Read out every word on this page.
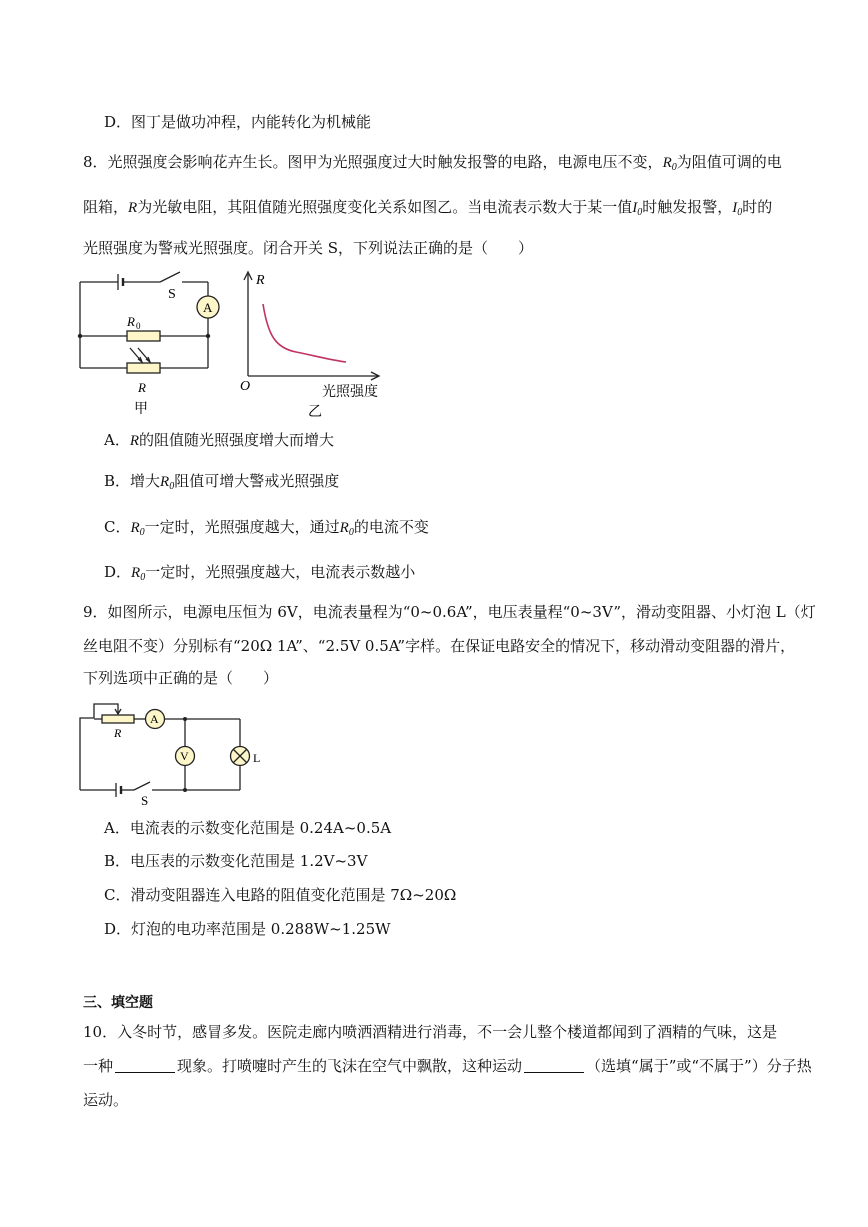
D．图丁是做功冲程，内能转化为机械能
8．光照强度会影响花卉生长。图甲为光照强度过大时触发报警的电路，电源电压不变，$R_0$为阻值可调的电
阻箱，R为光敏电阻，其阻值随光照强度变化关系如图乙。当电流表示数大于某一值$I_0$时触发报警，$I_0$时的
光照强度为警戒光照强度。闭合开关 S，下列说法正确的是（　　）
S
A
R 0
R
甲
R
O	光照强度
乙
A．R的阻值随光照强度增大而增大
B．增大$R_0$阻值可增大警戒光照强度
C．$R_0$一定时，光照强度越大，通过$R_0$的电流不变
D．$R_0$一定时，光照强度越大，电流表示数越小
9．如图所示，电源电压恒为 6V，电流表量程为“0~0.6A”，电压表量程“0~3V”，滑动变阻器、小灯泡 L（灯
丝电阻不变）分别标有“20Ω 1A”、“2.5V 0.5A”字样。在保证电路安全的情况下，移动滑动变阻器的滑片，
下列选项中正确的是（　　）
R
A
V	L
S
A．电流表的示数变化范围是 0.24A~0.5A
B．电压表的示数变化范围是 1.2V~3V
C．滑动变阻器连入电路的阻值变化范围是 7Ω~20Ω
D．灯泡的电功率范围是 0.288W~1.25W
三、填空题
10．入冬时节，感冒多发。医院走廊内喷洒酒精进行消毒，不一会儿整个楼道都闻到了酒精的气味，这是
一种	现象。打喷嚏时产生的飞沫在空气中飘散，这种运动	（选填“属于”或“不属于”）分子热
运动。
